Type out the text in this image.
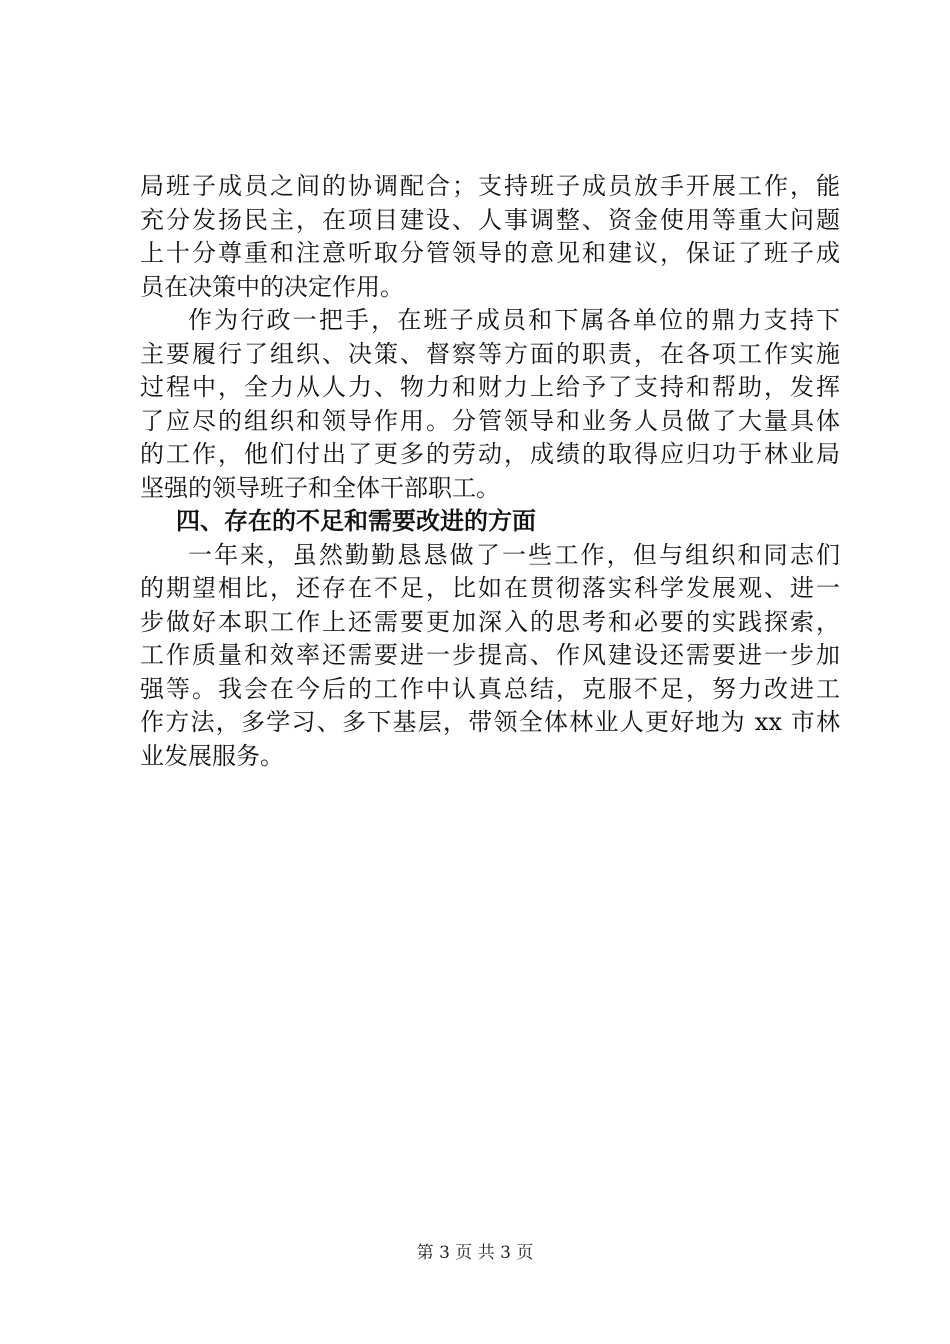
局班子成员之间的协调配合；支持班子成员放手开展工作，能
充分发扬民主，在项目建设、人事调整、资金使用等重大问题
上十分尊重和注意听取分管领导的意见和建议，保证了班子成
员在决策中的决定作用。
作为行政一把手，在班子成员和下属各单位的鼎力支持下
主要履行了组织、决策、督察等方面的职责，在各项工作实施
过程中，全力从人力、物力和财力上给予了支持和帮助，发挥
了应尽的组织和领导作用。分管领导和业务人员做了大量具体
的工作，他们付出了更多的劳动，成绩的取得应归功于林业局
坚强的领导班子和全体干部职工。
四、存在的不足和需要改进的方面
一年来，虽然勤勤恳恳做了一些工作，但与组织和同志们
的期望相比，还存在不足，比如在贯彻落实科学发展观、进一
步做好本职工作上还需要更加深入的思考和必要的实践探索，
工作质量和效率还需要进一步提高、作风建设还需要进一步加
强等。我会在今后的工作中认真总结，克服不足，努力改进工
作方法，多学习、多下基层，带领全体林业人更好地为 xx 市林
业发展服务。
第 3 页 共 3 页
